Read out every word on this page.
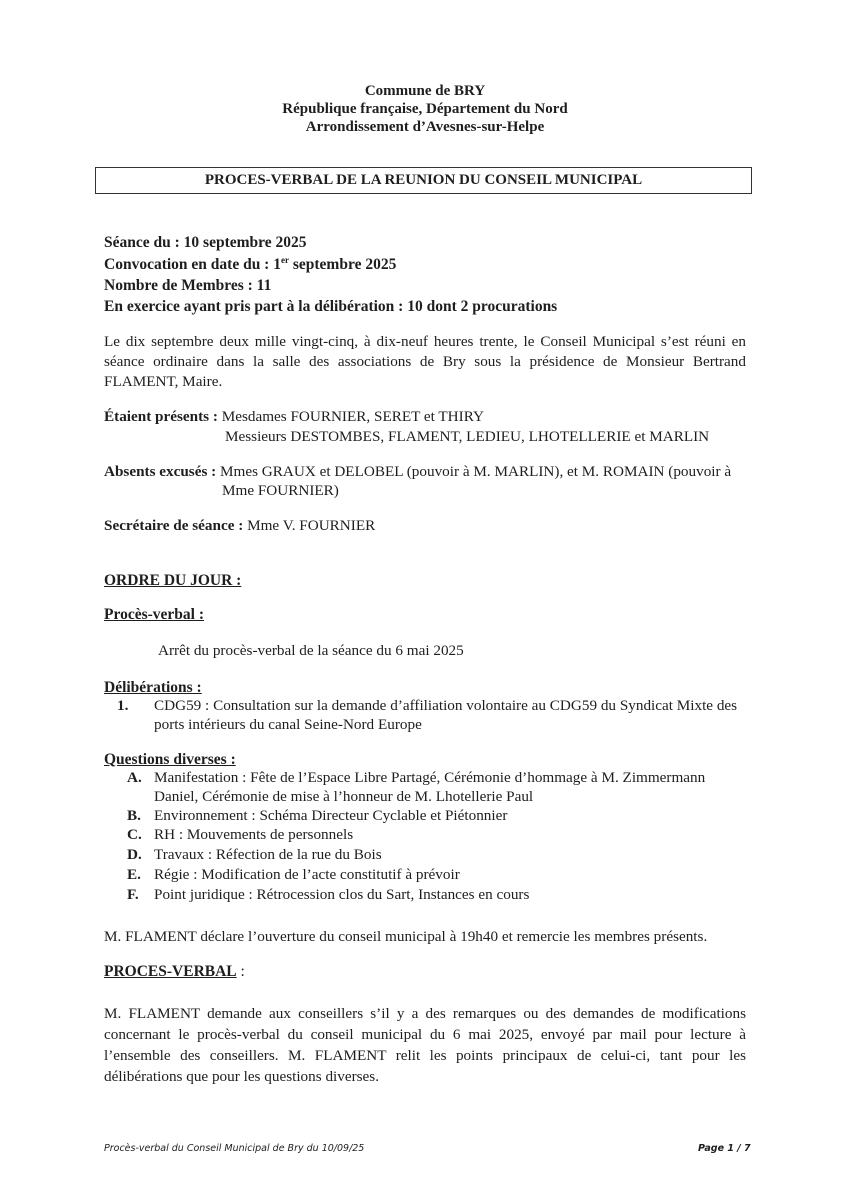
Commune de BRY
République française, Département du Nord
Arrondissement d’Avesnes-sur-Helpe
PROCES-VERBAL DE LA REUNION DU CONSEIL MUNICIPAL
Séance du : 10 septembre 2025
Convocation en date du : 1er septembre 2025
Nombre de Membres : 11
En exercice ayant pris part à la délibération : 10 dont 2 procurations
Le dix septembre deux mille vingt-cinq, à dix-neuf heures trente, le Conseil Municipal s’est réuni en séance ordinaire dans la salle des associations de Bry sous la présidence de Monsieur Bertrand FLAMENT, Maire.
Étaient présents : Mesdames FOURNIER, SERET et THIRY
Messieurs DESTOMBES, FLAMENT, LEDIEU, LHOTELLERIE et MARLIN
Absents excusés : Mmes GRAUX et DELOBEL (pouvoir à M. MARLIN), et M. ROMAIN (pouvoir à
Mme FOURNIER)
Secrétaire de séance : Mme V. FOURNIER
ORDRE DU JOUR :
Procès-verbal :
Arrêt du procès-verbal de la séance du 6 mai 2025
Délibérations :
1. CDG59 : Consultation sur la demande d’affiliation volontaire au CDG59 du Syndicat Mixte des
ports intérieurs du canal Seine-Nord Europe
Questions diverses :
A. Manifestation : Fête de l’Espace Libre Partagé, Cérémonie d’hommage à M. Zimmermann
Daniel, Cérémonie de mise à l’honneur de M. Lhotellerie Paul
B. Environnement : Schéma Directeur Cyclable et Piétonnier
C. RH : Mouvements de personnels
D. Travaux : Réfection de la rue du Bois
E. Régie : Modification de l’acte constitutif à prévoir
F. Point juridique : Rétrocession clos du Sart, Instances en cours
M. FLAMENT déclare l’ouverture du conseil municipal à 19h40 et remercie les membres présents.
PROCES-VERBAL :
M. FLAMENT demande aux conseillers s’il y a des remarques ou des demandes de modifications concernant le procès-verbal du conseil municipal du 6 mai 2025, envoyé par mail pour lecture à l’ensemble des conseillers. M. FLAMENT relit les points principaux de celui-ci, tant pour les délibérations que pour les questions diverses.
Procès-verbal du Conseil Municipal de Bry du 10/09/25	Page 1 / 7
